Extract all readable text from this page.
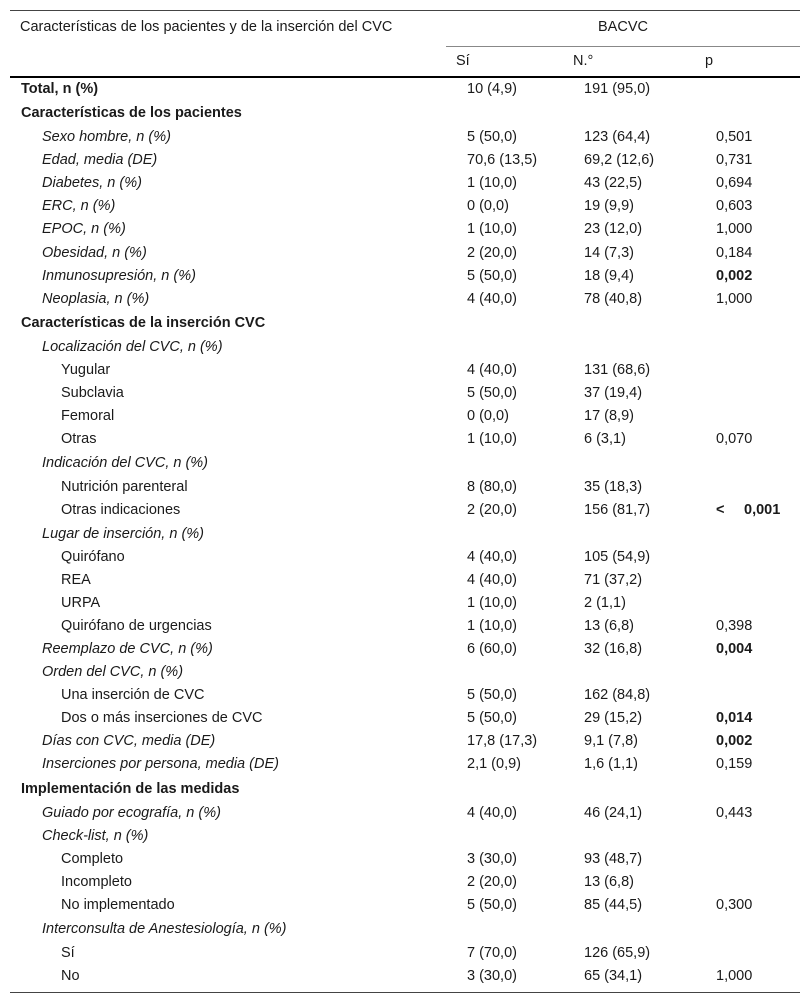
Características de los pacientes y de la inserción del CVC	BACVC
Sí	N.°	p
Total, n (%)	10 (4,9)	191 (95,0)	
Características de los pacientes			
Sexo hombre, n (%)	5 (50,0)	123 (64,4)	0,501
Edad, media (DE)	70,6 (13,5)	69,2 (12,6)	0,731
Diabetes, n (%)	1 (10,0)	43 (22,5)	0,694
ERC, n (%)	0 (0,0)	19 (9,9)	0,603
EPOC, n (%)	1 (10,0)	23 (12,0)	1,000
Obesidad, n (%)	2 (20,0)	14 (7,3)	0,184
Inmunosupresión, n (%)	5 (50,0)	18 (9,4)	0,002
Neoplasia, n (%)	4 (40,0)	78 (40,8)	1,000
Características de la inserción CVC			
Localización del CVC, n (%)			
Yugular	4 (40,0)	131 (68,6)	
Subclavia	5 (50,0)	37 (19,4)	
Femoral	0 (0,0)	17 (8,9)	
Otras	1 (10,0)	6 (3,1)	0,070
Indicación del CVC, n (%)			
Nutrición parenteral	8 (80,0)	35 (18,3)	
Otras indicaciones	2 (20,0)	156 (81,7)	< 0,001
Lugar de inserción, n (%)			
Quirófano	4 (40,0)	105 (54,9)	
REA	4 (40,0)	71 (37,2)	
URPA	1 (10,0)	2 (1,1)	
Quirófano de urgencias	1 (10,0)	13 (6,8)	0,398
Reemplazo de CVC, n (%)	6 (60,0)	32 (16,8)	0,004
Orden del CVC, n (%)			
Una inserción de CVC	5 (50,0)	162 (84,8)	
Dos o más inserciones de CVC	5 (50,0)	29 (15,2)	0,014
Días con CVC, media (DE)	17,8 (17,3)	9,1 (7,8)	0,002
Inserciones por persona, media (DE)	2,1 (0,9)	1,6 (1,1)	0,159
Implementación de las medidas			
Guiado por ecografía, n (%)	4 (40,0)	46 (24,1)	0,443
Check-list, n (%)			
Completo	3 (30,0)	93 (48,7)	
Incompleto	2 (20,0)	13 (6,8)	
No implementado	5 (50,0)	85 (44,5)	0,300
Interconsulta de Anestesiología, n (%)			
Sí	7 (70,0)	126 (65,9)	
No	3 (30,0)	65 (34,1)	1,000
